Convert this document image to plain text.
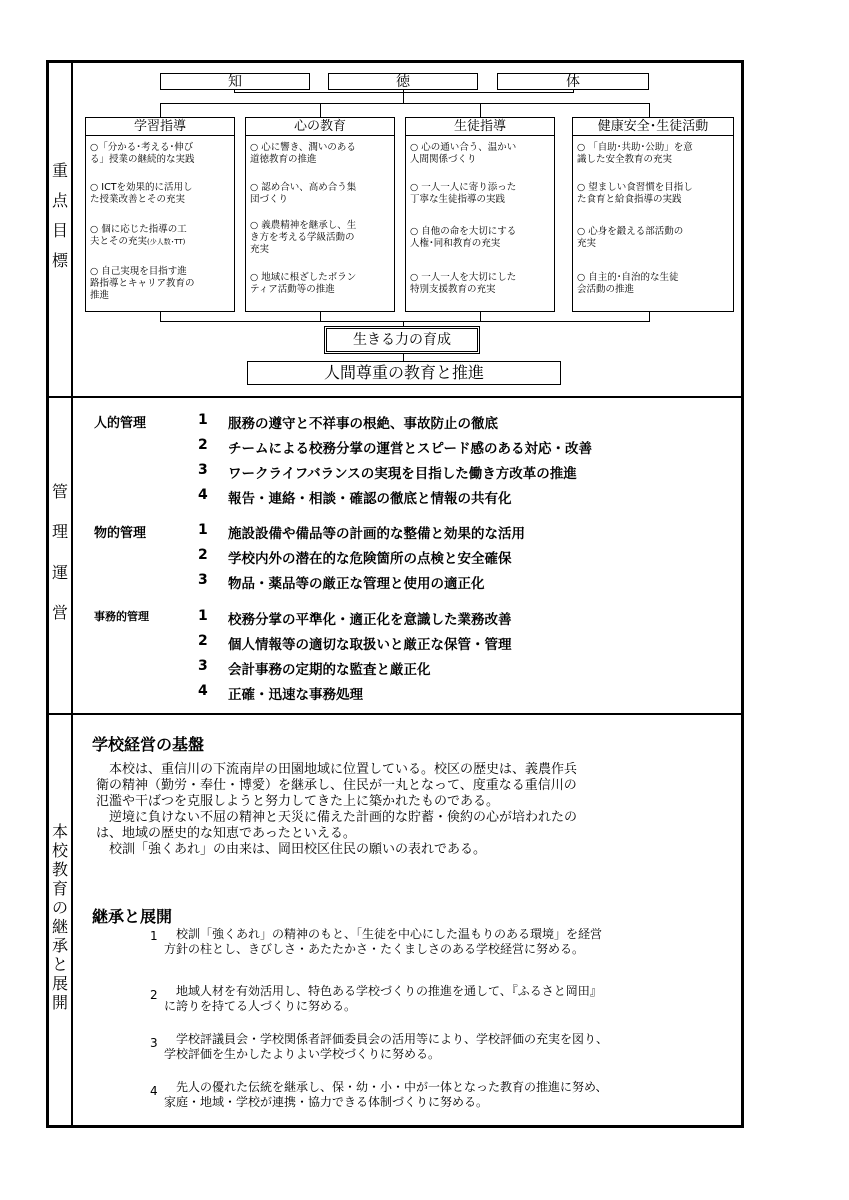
重
点
目
標
管
理
運
営
本
校
教
育
の
継
承
と
展
開
知	徳	体
学習指導
○「分かる･考える･伸び
る」授業の継続的な実践
○ ICTを効果的に活用し
た授業改善とその充実
○ 個に応じた指導の工
夫とその充実(少人数･TT)
○ 自己実現を目指す進
路指導とキャリア教育の
推進
心の教育
○ 心に響き、潤いのある
道徳教育の推進
○ 認め合い、高め合う集
団づくり
○ 義農精神を継承し、生
き方を考える学級活動の
充実
○ 地域に根ざしたボラン
ティア活動等の推進
生徒指導
○ 心の通い合う、温かい
人間関係づくり
○ 一人一人に寄り添った
丁寧な生徒指導の実践
○ 自他の命を大切にする
人権･同和教育の充実
○ 一人一人を大切にした
特別支援教育の充実
健康安全･生徒活動
○ 「自助･共助･公助」を意
識した安全教育の充実
○ 望ましい食習慣を目指し
た食育と給食指導の実践
○ 心身を鍛える部活動の
充実
○ 自主的･自治的な生徒
会活動の推進
生きる力の育成
人間尊重の教育と推進
人的管理	1	服務の遵守と不祥事の根絶、事故防止の徹底
2	チームによる校務分掌の運営とスピード感のある対応・改善
3	ワークライフバランスの実現を目指した働き方改革の推進
4	報告・連絡・相談・確認の徹底と情報の共有化
物的管理	1	施設設備や備品等の計画的な整備と効果的な活用
2	学校内外の潜在的な危険箇所の点検と安全確保
3	物品・薬品等の厳正な管理と使用の適正化
事務的管理	1	校務分掌の平準化・適正化を意識した業務改善
2	個人情報等の適切な取扱いと厳正な保管・管理
3	会計事務の定期的な監査と厳正化
4	正確・迅速な事務処理
学校経営の基盤
　本校は、重信川の下流南岸の田園地域に位置している。校区の歴史は、義農作兵
衛の精神（勤労・奉仕・博愛）を継承し、住民が一丸となって、度重なる重信川の
氾濫や干ばつを克服しようと努力してきた上に築かれたものである。
　逆境に負けない不屈の精神と天災に備えた計画的な貯蓄・倹約の心が培われたの
は、地域の歴史的な知恵であったといえる。
　校訓「強くあれ」の由来は、岡田校区住民の願いの表れである。
継承と展開
1 　校訓「強くあれ」の精神のもと、「生徒を中心にした温もりのある環境」を経営
方針の柱とし、きびしさ・あたたかさ・たくましさのある学校経営に努める。
2 　地域人材を有効活用し、特色ある学校づくりの推進を通して、『ふるさと岡田』
に誇りを持てる人づくりに努める。
3 　学校評議員会・学校関係者評価委員会の活用等により、学校評価の充実を図り、
学校評価を生かしたよりよい学校づくりに努める。
4 　先人の優れた伝統を継承し、保・幼・小・中が一体となった教育の推進に努め、
家庭・地域・学校が連携・協力できる体制づくりに努める。
